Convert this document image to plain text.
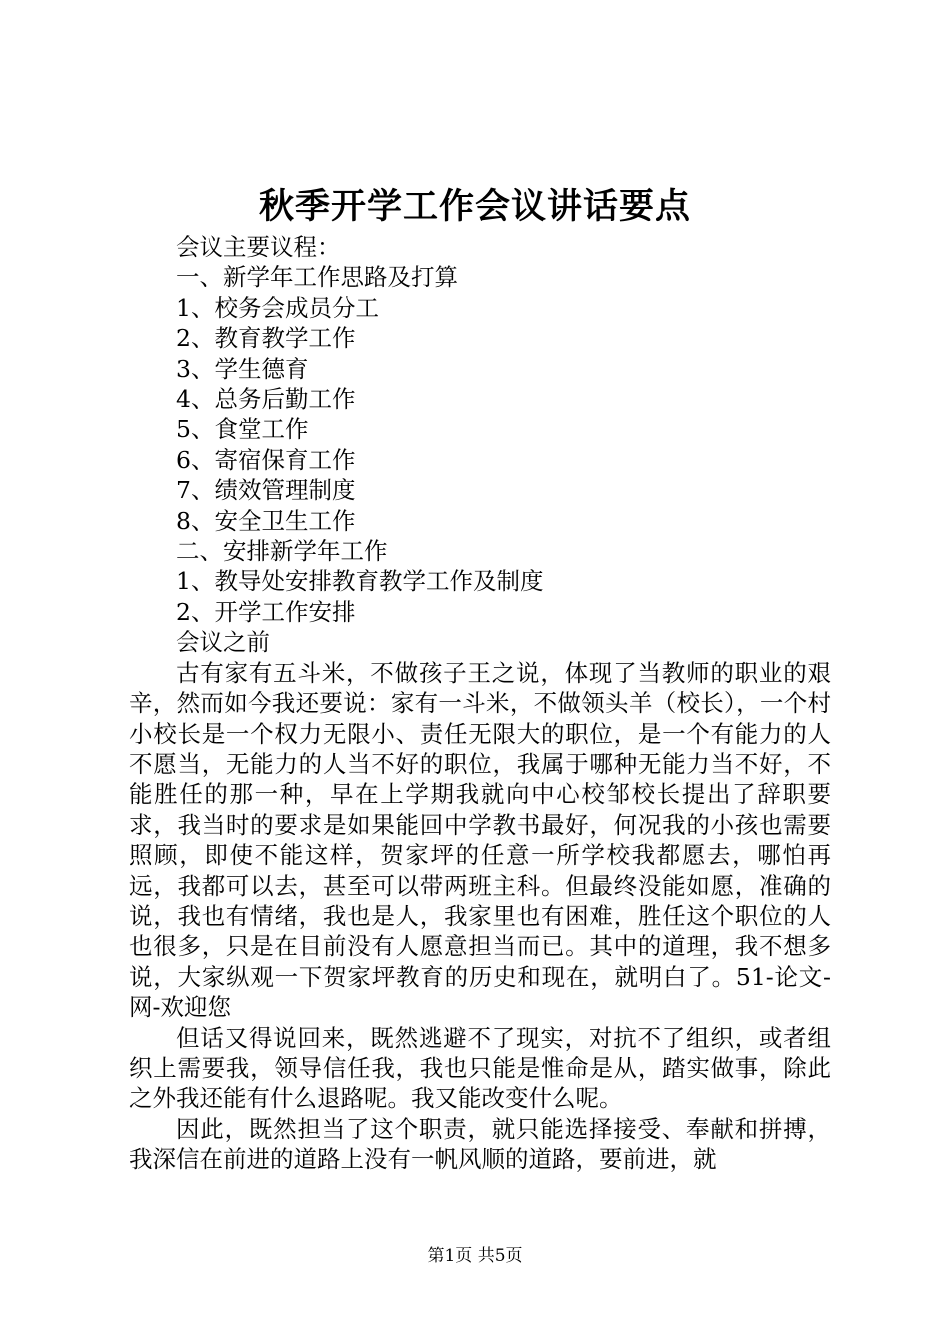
秋季开学工作会议讲话要点

会议主要议程：

一、新学年工作思路及打算

1、校务会成员分工

2、教育教学工作

3、学生德育

4、总务后勤工作

5、食堂工作

6、寄宿保育工作

7、绩效管理制度

8、安全卫生工作

二、安排新学年工作

1、教导处安排教育教学工作及制度

2、开学工作安排

会议之前

古有家有五斗米，不做孩子王之说，体现了当教师的职业的艰辛，然而如今我还要说：家有一斗米，不做领头羊（校长），一个村小校长是一个权力无限小、责任无限大的职位，是一个有能力的人不愿当，无能力的人当不好的职位，我属于哪种无能力当不好，不能胜任的那一种，早在上学期我就向中心校邹校长提出了辞职要求，我当时的要求是如果能回中学教书最好，何况我的小孩也需要照顾，即使不能这样，贺家坪的任意一所学校我都愿去，哪怕再远，我都可以去，甚至可以带两班主科。但最终没能如愿，准确的说，我也有情绪，我也是人，我家里也有困难，胜任这个职位的人也很多，只是在目前没有人愿意担当而已。其中的道理，我不想多说，大家纵观一下贺家坪教育的历史和现在，就明白了。51-论文-网-欢迎您

但话又得说回来，既然逃避不了现实，对抗不了组织，或者组织上需要我，领导信任我，我也只能是惟命是从，踏实做事，除此之外我还能有什么退路呢。我又能改变什么呢。

因此，既然担当了这个职责，就只能选择接受、奉献和拼搏，我深信在前进的道路上没有一帆风顺的道路，要前进，就

第1页 共5页
